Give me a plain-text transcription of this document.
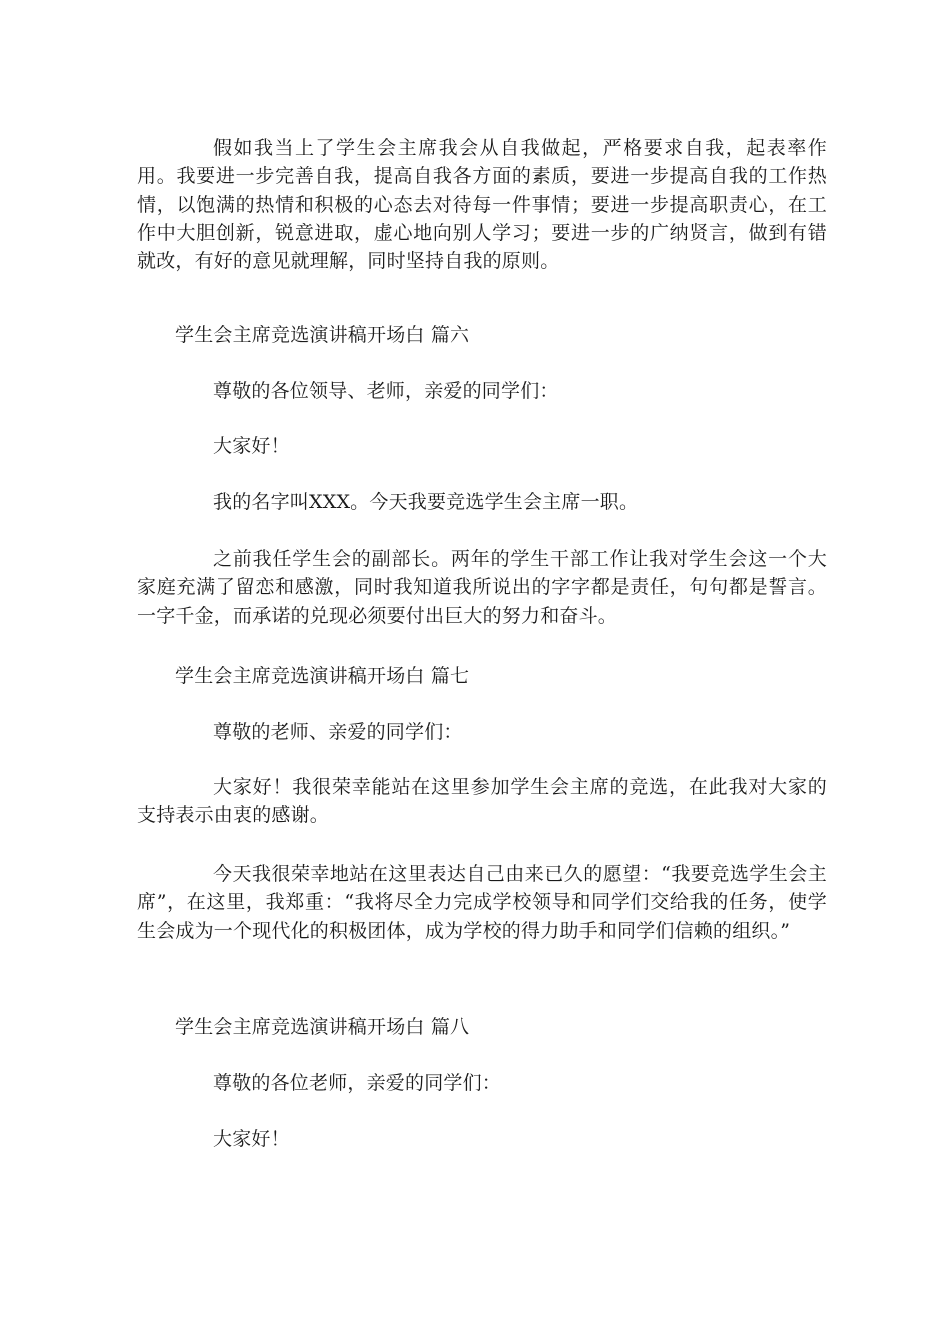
假如我当上了学生会主席我会从自我做起，严格要求自我，起表率作用。我要进一步完善自我，提高自我各方面的素质，要进一步提高自我的工作热情，以饱满的热情和积极的心态去对待每一件事情；要进一步提高职责心，在工作中大胆创新，锐意进取，虚心地向别人学习；要进一步的广纳贤言，做到有错就改，有好的意见就理解，同时坚持自我的原则。

学生会主席竞选演讲稿开场白 篇六

尊敬的各位领导、老师，亲爱的同学们：

大家好！

我的名字叫XXX。今天我要竞选学生会主席一职。

之前我任学生会的副部长。两年的学生干部工作让我对学生会这一个大家庭充满了留恋和感激，同时我知道我所说出的字字都是责任，句句都是誓言。一字千金，而承诺的兑现必须要付出巨大的努力和奋斗。

学生会主席竞选演讲稿开场白 篇七

尊敬的老师、亲爱的同学们：

大家好！我很荣幸能站在这里参加学生会主席的竞选，在此我对大家的支持表示由衷的感谢。

今天我很荣幸地站在这里表达自己由来已久的愿望：“我要竞选学生会主席”，在这里，我郑重：“我将尽全力完成学校领导和同学们交给我的任务，使学生会成为一个现代化的积极团体，成为学校的得力助手和同学们信赖的组织。”

学生会主席竞选演讲稿开场白 篇八

尊敬的各位老师，亲爱的同学们：

大家好！
